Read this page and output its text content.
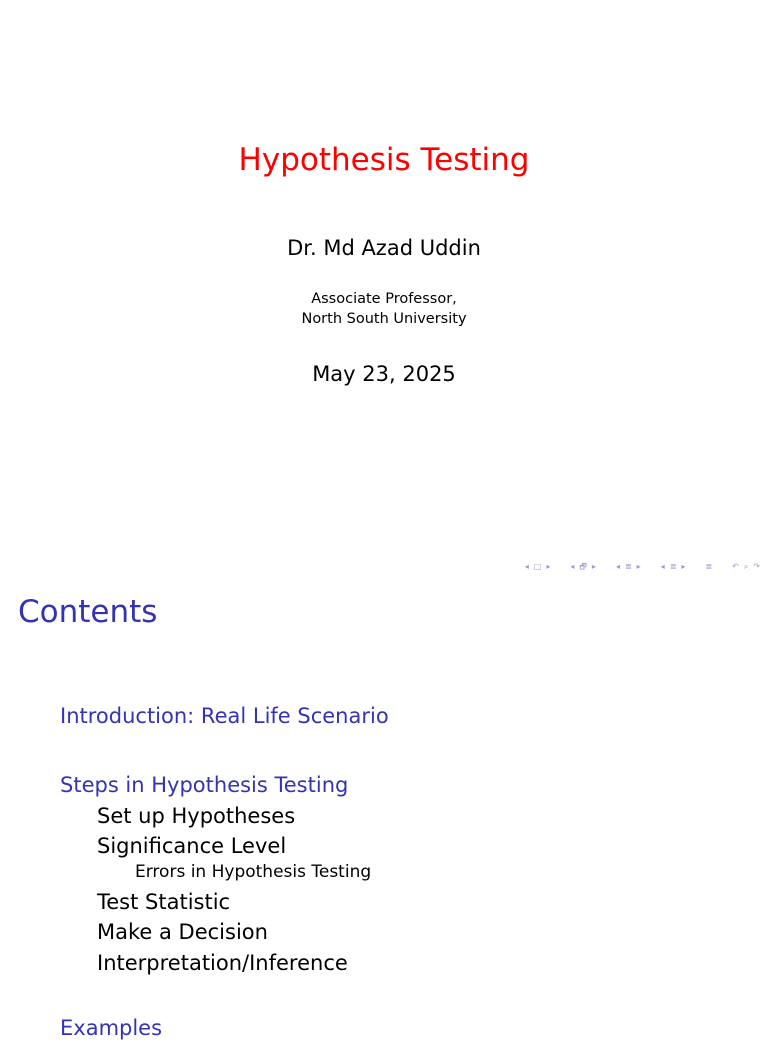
Hypothesis Testing
Dr. Md Azad Uddin
Associate Professor,
North South University
May 23, 2025
◂ □ ▸	◂ 🗗 ▸	◂ ≣ ▸	◂ ≣ ▸	≣	↶ ⌕ ↷
Contents
Introduction: Real Life Scenario
Steps in Hypothesis Testing
Set up Hypotheses
Significance Level
Errors in Hypothesis Testing
Test Statistic
Make a Decision
Interpretation/Inference
Examples
